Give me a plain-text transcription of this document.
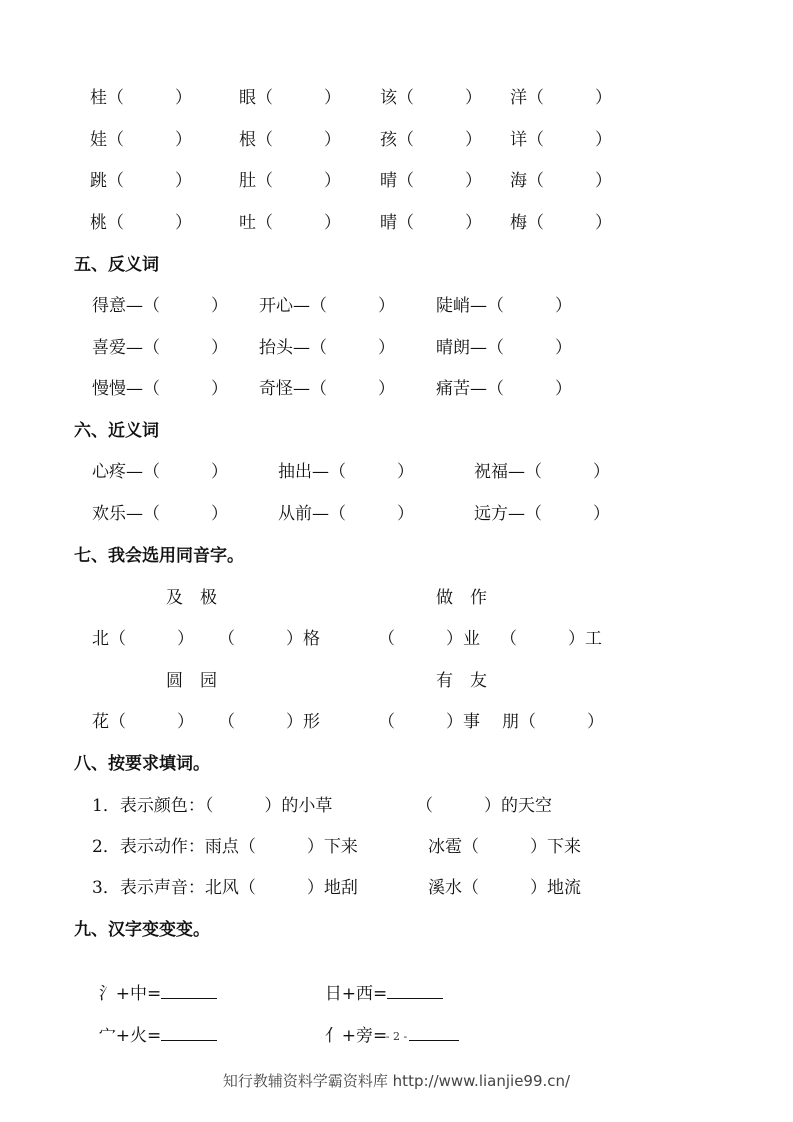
桂（　　　）	眼（　　　） 该（　　　） 洋（　　　）
娃（　　　）	根（　　　） 孩（　　　） 详（　　　）
跳（　　　）	肚（　　　） 晴（　　　） 海（　　　）
桃（　　　）	吐（　　　） 晴（　　　） 梅（　　　）
五、反义词
得意—（　　　） 开心—（　　　） 陡峭—（　　　）
喜爱—（　　　） 抬头—（　　　） 晴朗—（　　　）
慢慢—（　　　） 奇怪—（　　　） 痛苦—（　　　）
六、近义词
心疼—（　　　）	抽出—（　　　）	祝福—（　　　）
欢乐—（　　　）	从前—（　　　）	远方—（　　　）
七、我会选用同音字。
及　极	做　作
北（　　　） （　　　）格	（　　　）业 （　　　）工
圆　园	有　友
花（　　　） （　　　）形	（　　　）事 朋（　　　）
八、按要求填词。
1．表示颜色：（　　　）的小草	（　　　）的天空
2．表示动作：雨点（　　　）下来	冰雹（　　　）下来
3．表示声音：北风（　　　）地刮	溪水（　　　）地流
九、汉字变变变。

氵+中=	日+西=

宀+火=	亻+旁=

- 2 -
知行教辅资料学霸资料库 http://www.lianjie99.cn/
